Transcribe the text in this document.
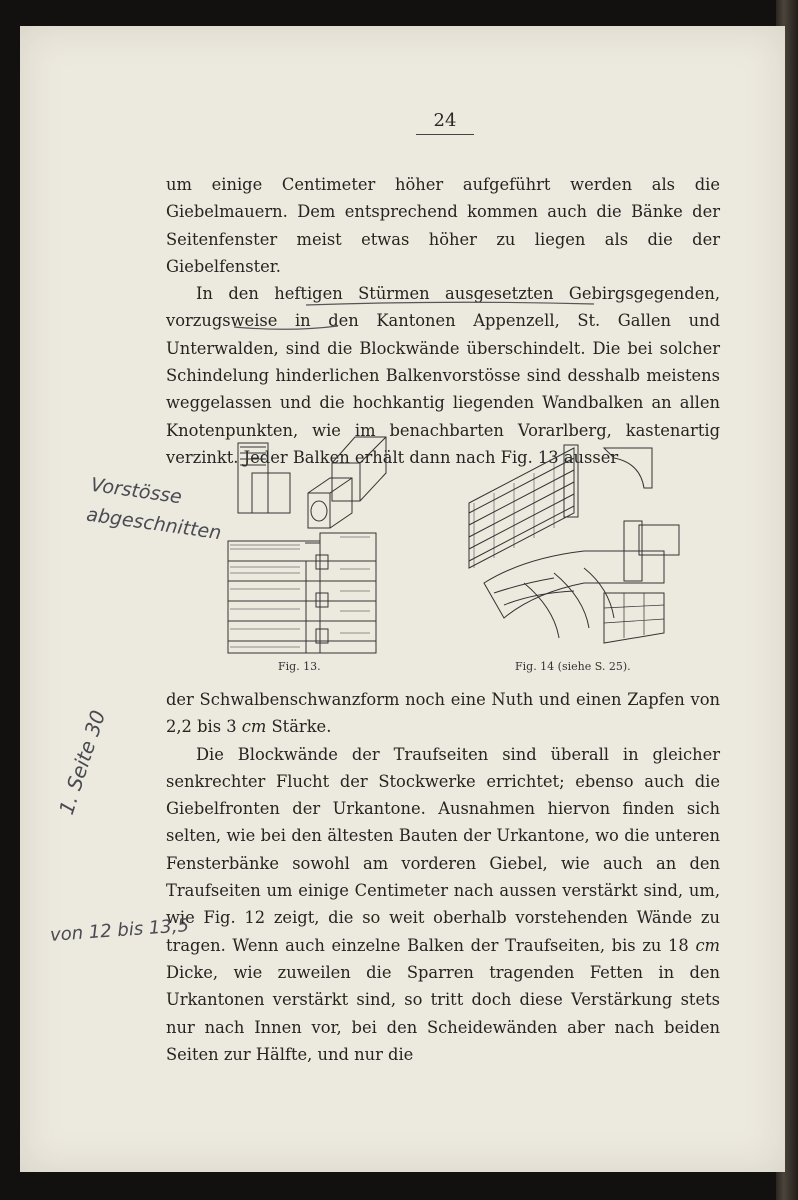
24

um einige Centimeter höher aufgeführt werden als die Giebelmauern. Dem entsprechend kommen auch die Bänke der Seitenfenster meist etwas höher zu liegen als die der Giebelfenster.

In den heftigen Stürmen ausgesetzten Gebirgsgegenden, vorzugsweise in den Kantonen Appenzell, St. Gallen und Unterwalden, sind die Blockwände überschindelt. Die bei solcher Schindelung hinderlichen Balkenvorstösse sind desshalb meistens weggelassen und die hochkantig liegenden Wandbalken an allen Knotenpunkten, wie im benachbarten Vorarlberg, kastenartig verzinkt. Jeder Balken erhält dann nach Fig. 13 ausser

Fig. 13.	Fig. 14 (siehe S. 25).

der Schwalbenschwanzform noch eine Nuth und einen Zapfen von 2,2 bis 3 cm Stärke.

Die Blockwände der Traufseiten sind überall in gleicher senkrechter Flucht der Stockwerke errichtet; ebenso auch die Giebelfronten der Urkantone. Ausnahmen hiervon finden sich selten, wie bei den ältesten Bauten der Urkantone, wo die unteren Fensterbänke sowohl am vorderen Giebel, wie auch an den Traufseiten um einige Centimeter nach aussen verstärkt sind, um, wie Fig. 12 zeigt, die so weit oberhalb vorstehenden Wände zu tragen. Wenn auch einzelne Balken der Traufseiten, bis zu 18 cm Dicke, wie zuweilen die Sparren tragenden Fetten in den Urkantonen verstärkt sind, so tritt doch diese Verstärkung stets nur nach Innen vor, bei den Scheidewänden aber nach beiden Seiten zur Hälfte, und nur die

Vorstösse abgeschnitten
1. Seite 30
von 12 bis 13,5
